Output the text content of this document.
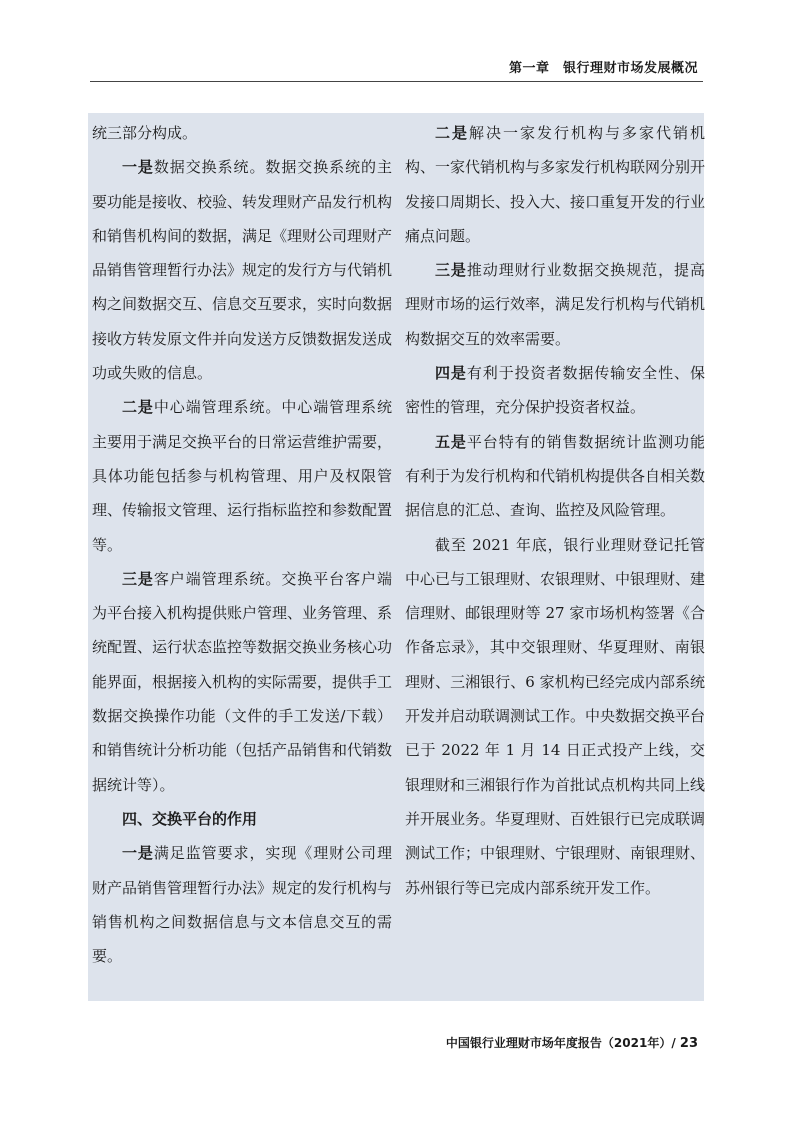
第一章　银行理财市场发展概况

统三部分构成。

一是数据交换系统。数据交换系统的主要功能是接收、校验、转发理财产品发行机构和销售机构间的数据，满足《理财公司理财产品销售管理暂行办法》规定的发行方与代销机构之间数据交互、信息交互要求，实时向数据接收方转发原文件并向发送方反馈数据发送成功或失败的信息。

二是中心端管理系统。中心端管理系统主要用于满足交换平台的日常运营维护需要，具体功能包括参与机构管理、用户及权限管理、传输报文管理、运行指标监控和参数配置等。

三是客户端管理系统。交换平台客户端为平台接入机构提供账户管理、业务管理、系统配置、运行状态监控等数据交换业务核心功能界面，根据接入机构的实际需要，提供手工数据交换操作功能（文件的手工发送/下载）和销售统计分析功能（包括产品销售和代销数据统计等）。

四、交换平台的作用

一是满足监管要求，实现《理财公司理财产品销售管理暂行办法》规定的发行机构与销售机构之间数据信息与文本信息交互的需要。

二是解决一家发行机构与多家代销机构、一家代销机构与多家发行机构联网分别开发接口周期长、投入大、接口重复开发的行业痛点问题。

三是推动理财行业数据交换规范，提高理财市场的运行效率，满足发行机构与代销机构数据交互的效率需要。

四是有利于投资者数据传输安全性、保密性的管理，充分保护投资者权益。

五是平台特有的销售数据统计监测功能有利于为发行机构和代销机构提供各自相关数据信息的汇总、查询、监控及风险管理。

截至 2021 年底，银行业理财登记托管中心已与工银理财、农银理财、中银理财、建信理财、邮银理财等 27 家市场机构签署《合作备忘录》，其中交银理财、华夏理财、南银理财、三湘银行、6 家机构已经完成内部系统开发并启动联调测试工作。中央数据交换平台已于 2022 年 1 月 14 日正式投产上线，交银理财和三湘银行作为首批试点机构共同上线并开展业务。华夏理财、百姓银行已完成联调测试工作；中银理财、宁银理财、南银理财、苏州银行等已完成内部系统开发工作。

中国银行业理财市场年度报告（2021年）/ 23
